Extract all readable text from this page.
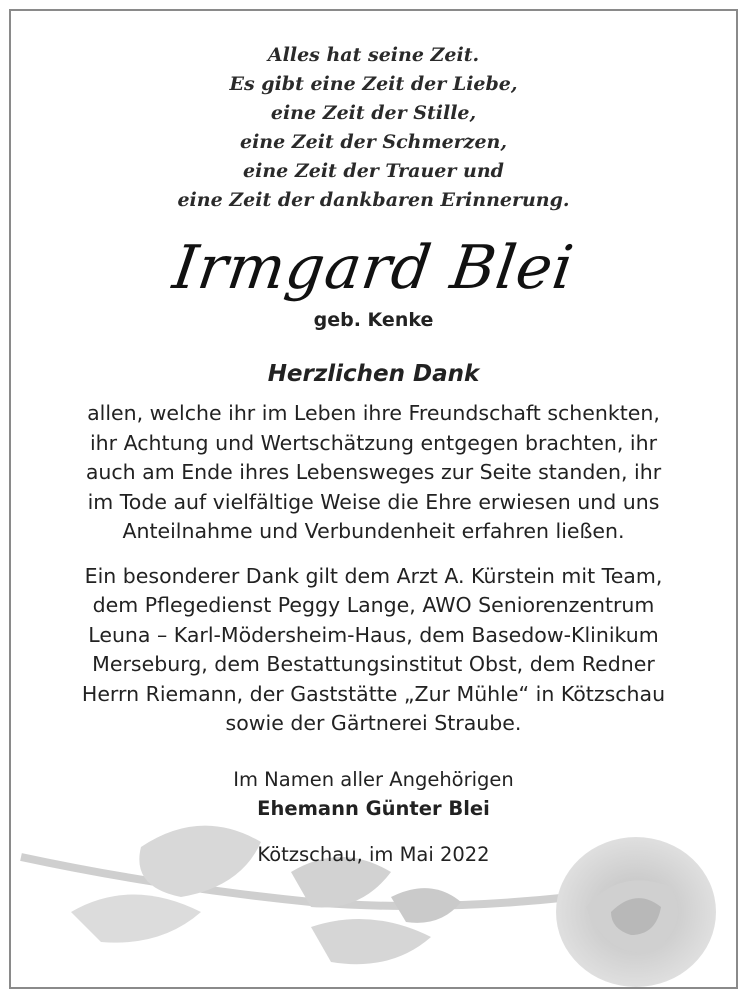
Alles hat seine Zeit.
Es gibt eine Zeit der Liebe,
eine Zeit der Stille,
eine Zeit der Schmerzen,
eine Zeit der Trauer und
eine Zeit der dankbaren Erinnerung.
Irmgard Blei
geb. Kenke
Herzlichen Dank
allen, welche ihr im Leben ihre Freundschaft schenkten,
ihr Achtung und Wertschätzung entgegen brachten, ihr
auch am Ende ihres Lebensweges zur Seite standen, ihr
im Tode auf vielfältige Weise die Ehre erwiesen und uns
Anteilnahme und Verbundenheit erfahren ließen.
Ein besonderer Dank gilt dem Arzt A. Kürstein mit Team,
dem Pflegedienst Peggy Lange, AWO Seniorenzentrum
Leuna – Karl-Mödersheim-Haus, dem Basedow-Klinikum
Merseburg, dem Bestattungsinstitut Obst, dem Redner
Herrn Riemann, der Gaststätte „Zur Mühle“ in Kötzschau
sowie der Gärtnerei Straube.
Im Namen aller Angehörigen
Ehemann Günter Blei
Kötzschau, im Mai 2022
